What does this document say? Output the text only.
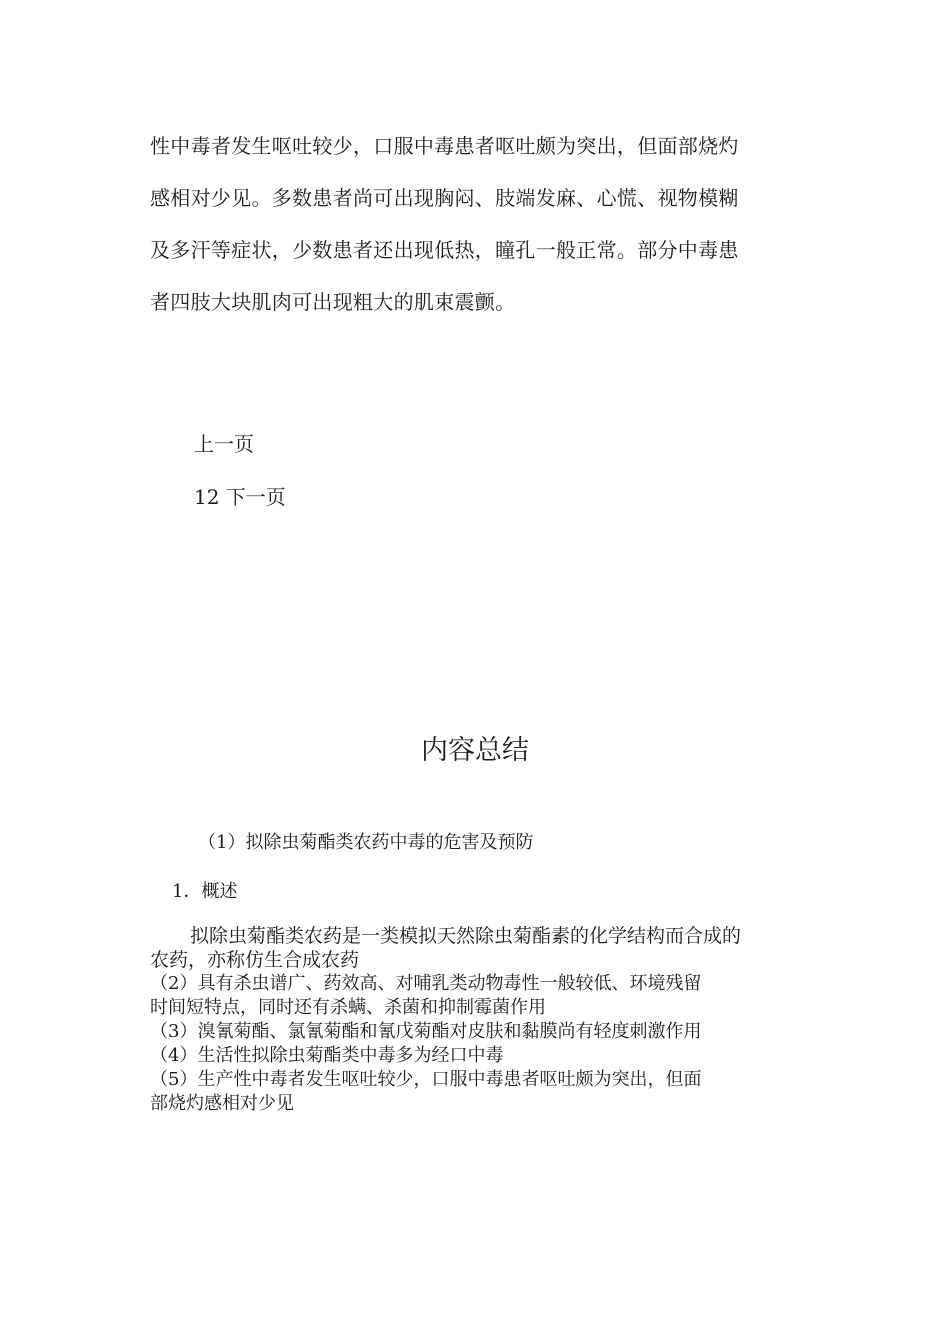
性中毒者发生呕吐较少，口服中毒患者呕吐颇为突出，但面部烧灼

感相对少见。多数患者尚可出现胸闷、肢端发麻、心慌、视物模糊

及多汗等症状，少数患者还出现低热，瞳孔一般正常。部分中毒患

者四肢大块肌肉可出现粗大的肌束震颤。

上一页

12 下一页

内容总结

（1）拟除虫菊酯类农药中毒的危害及预防

1．概述

拟除虫菊酯类农药是一类模拟天然除虫菊酯素的化学结构而合成的
农药，亦称仿生合成农药
（2）具有杀虫谱广、药效高、对哺乳类动物毒性一般较低、环境残留
时间短特点，同时还有杀螨、杀菌和抑制霉菌作用
（3）溴氰菊酯、氯氰菊酯和氰戊菊酯对皮肤和黏膜尚有轻度刺激作用
（4）生活性拟除虫菊酯类中毒多为经口中毒
（5）生产性中毒者发生呕吐较少，口服中毒患者呕吐颇为突出，但面
部烧灼感相对少见
